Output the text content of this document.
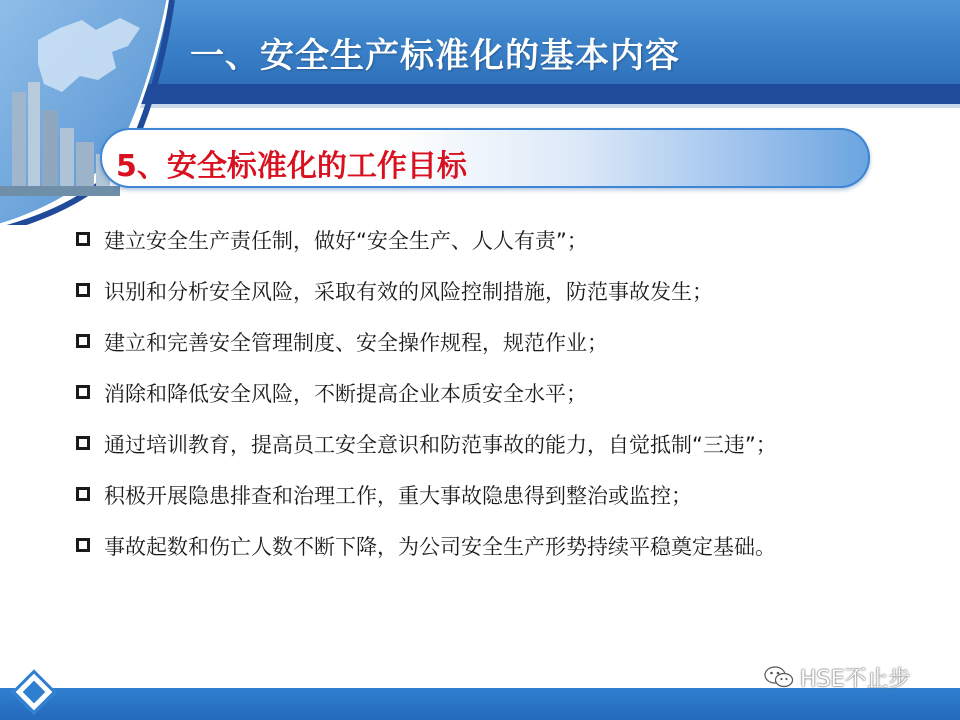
一、安全生产标准化的基本内容
5、安全标准化的工作目标
建立安全生产责任制，做好“安全生产、人人有责”；
识别和分析安全风险，采取有效的风险控制措施，防范事故发生；
建立和完善安全管理制度、安全操作规程，规范作业；
消除和降低安全风险，不断提高企业本质安全水平；
通过培训教育，提高员工安全意识和防范事故的能力，自觉抵制“三违”；
积极开展隐患排查和治理工作，重大事故隐患得到整治或监控；
事故起数和伤亡人数不断下降，为公司安全生产形势持续平稳奠定基础。
HSE不止步
